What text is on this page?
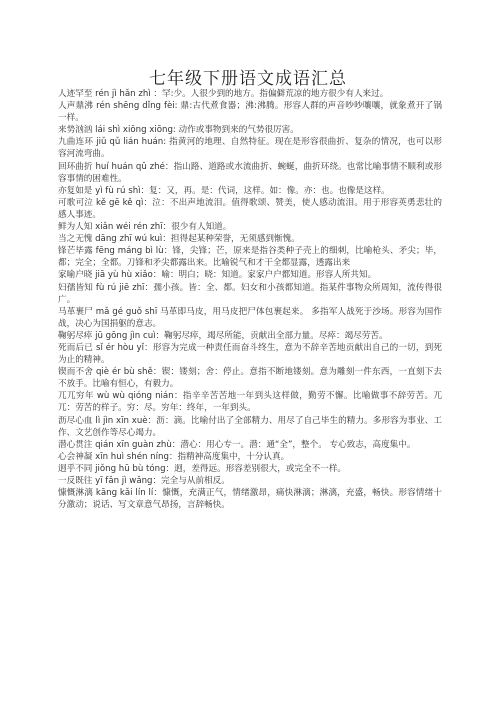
七年级下册语文成语汇总

人迹罕至 rén jì hǎn zhì ：罕:少。人很少到的地方。指偏僻荒凉的地方很少有人来过。

人声鼎沸 rén shēng dǐng fèi: 鼎:古代煮食器；沸:沸腾。形容人群的声音吵吵嚷嚷，就象煮开了锅一样。

来势汹汹 lái shì xiōng xiōng: 动作或事物到来的气势很厉害。

九曲连环 jiǔ qǔ lián huán: 指黄河的地理、自然特征。现在是形容很曲折、复杂的情况，也可以形容河流弯曲。

回环曲折 huí huán qǔ zhé：指山路、道路或水流曲折、蜿蜒，曲折环绕。也常比喻事情不顺利或形容事情的困难性。

亦复如是 yì fù rú shì：复：又，再。是：代词，这样。如：像。亦：也。也像是这样。

可歌可泣 kě gē kě qì：泣：不出声地流泪。值得歌颂、赞美，使人感动流泪。用于形容英勇悲壮的感人事迹。

鲜为人知 xiǎn wéi rén zhī：很少有人知道。

当之无愧 dāng zhī wú kuì：担得起某种荣誉，无须感到惭愧。

锋芒毕露 fēng máng bì lù：锋，尖锋；芒，原来是指谷类种子壳上的细刺，比喻枪头、矛尖；毕，都；完全；全都。刀锋和矛尖都露出来。比喻锐气和才干全都显露，透露出来

家喻户晓 jiā yù hù xiǎo：喻：明白；晓：知道。家家户户都知道。形容人所共知。

妇孺皆知 fù rú jiē zhī：孺小孩。皆：全、都。妇女和小孩都知道。指某件事物众所周知，流传得很广。

马革裹尸 mǎ gé guǒ shī 马革即马皮，用马皮把尸体包裹起来。 多指军人战死于沙场。形容为国作战，决心为国捐躯的意志。

鞠躬尽瘁 jū gōng jìn cuì：鞠躬尽瘁，竭尽所能，贡献出全部力量。尽瘁：竭尽劳苦。

死而后已 sǐ ér hòu yǐ：形容为完成一种责任而奋斗终生，意为不辞辛苦地贡献出自己的一切，到死为止的精神。

锲而不舍 qiè ér bù shě：锲：镂刻；舍：停止。意指不断地镂刻。意为雕刻一件东西，一直刻下去不放手。比喻有恒心，有毅力。

兀兀穷年 wù wù qióng nián：指辛辛苦苦地一年到头这样做，勤劳不懈。比喻做事不辞劳苦。兀兀：劳苦的样子。穷：尽。穷年：终年，一年到头。

沥尽心血 lì jìn xīn xuè：沥：滴。比喻付出了全部精力、用尽了自己毕生的精力。多形容为事业、工作、文艺创作等尽心竭力。

潜心贯注 qián xīn guàn zhù：潜心：用心专一。潜：通“全”，整个。 专心致志，高度集中。

心会神凝 xīn huì shén níng：指精神高度集中，十分认真。

迥乎不同 jiǒng hū bù tóng：迥，差得远。形容差别很大，或完全不一样。

一反既往 yī fǎn jì wǎng：完全与从前相反。

慷慨淋漓 kāng kǎi lín lí：慷慨，充满正气，情绪激昂，痛快淋漓；淋漓，充盛，畅快。形容情绪十分激动；说话、写文章意气昂扬，言辞畅快。
